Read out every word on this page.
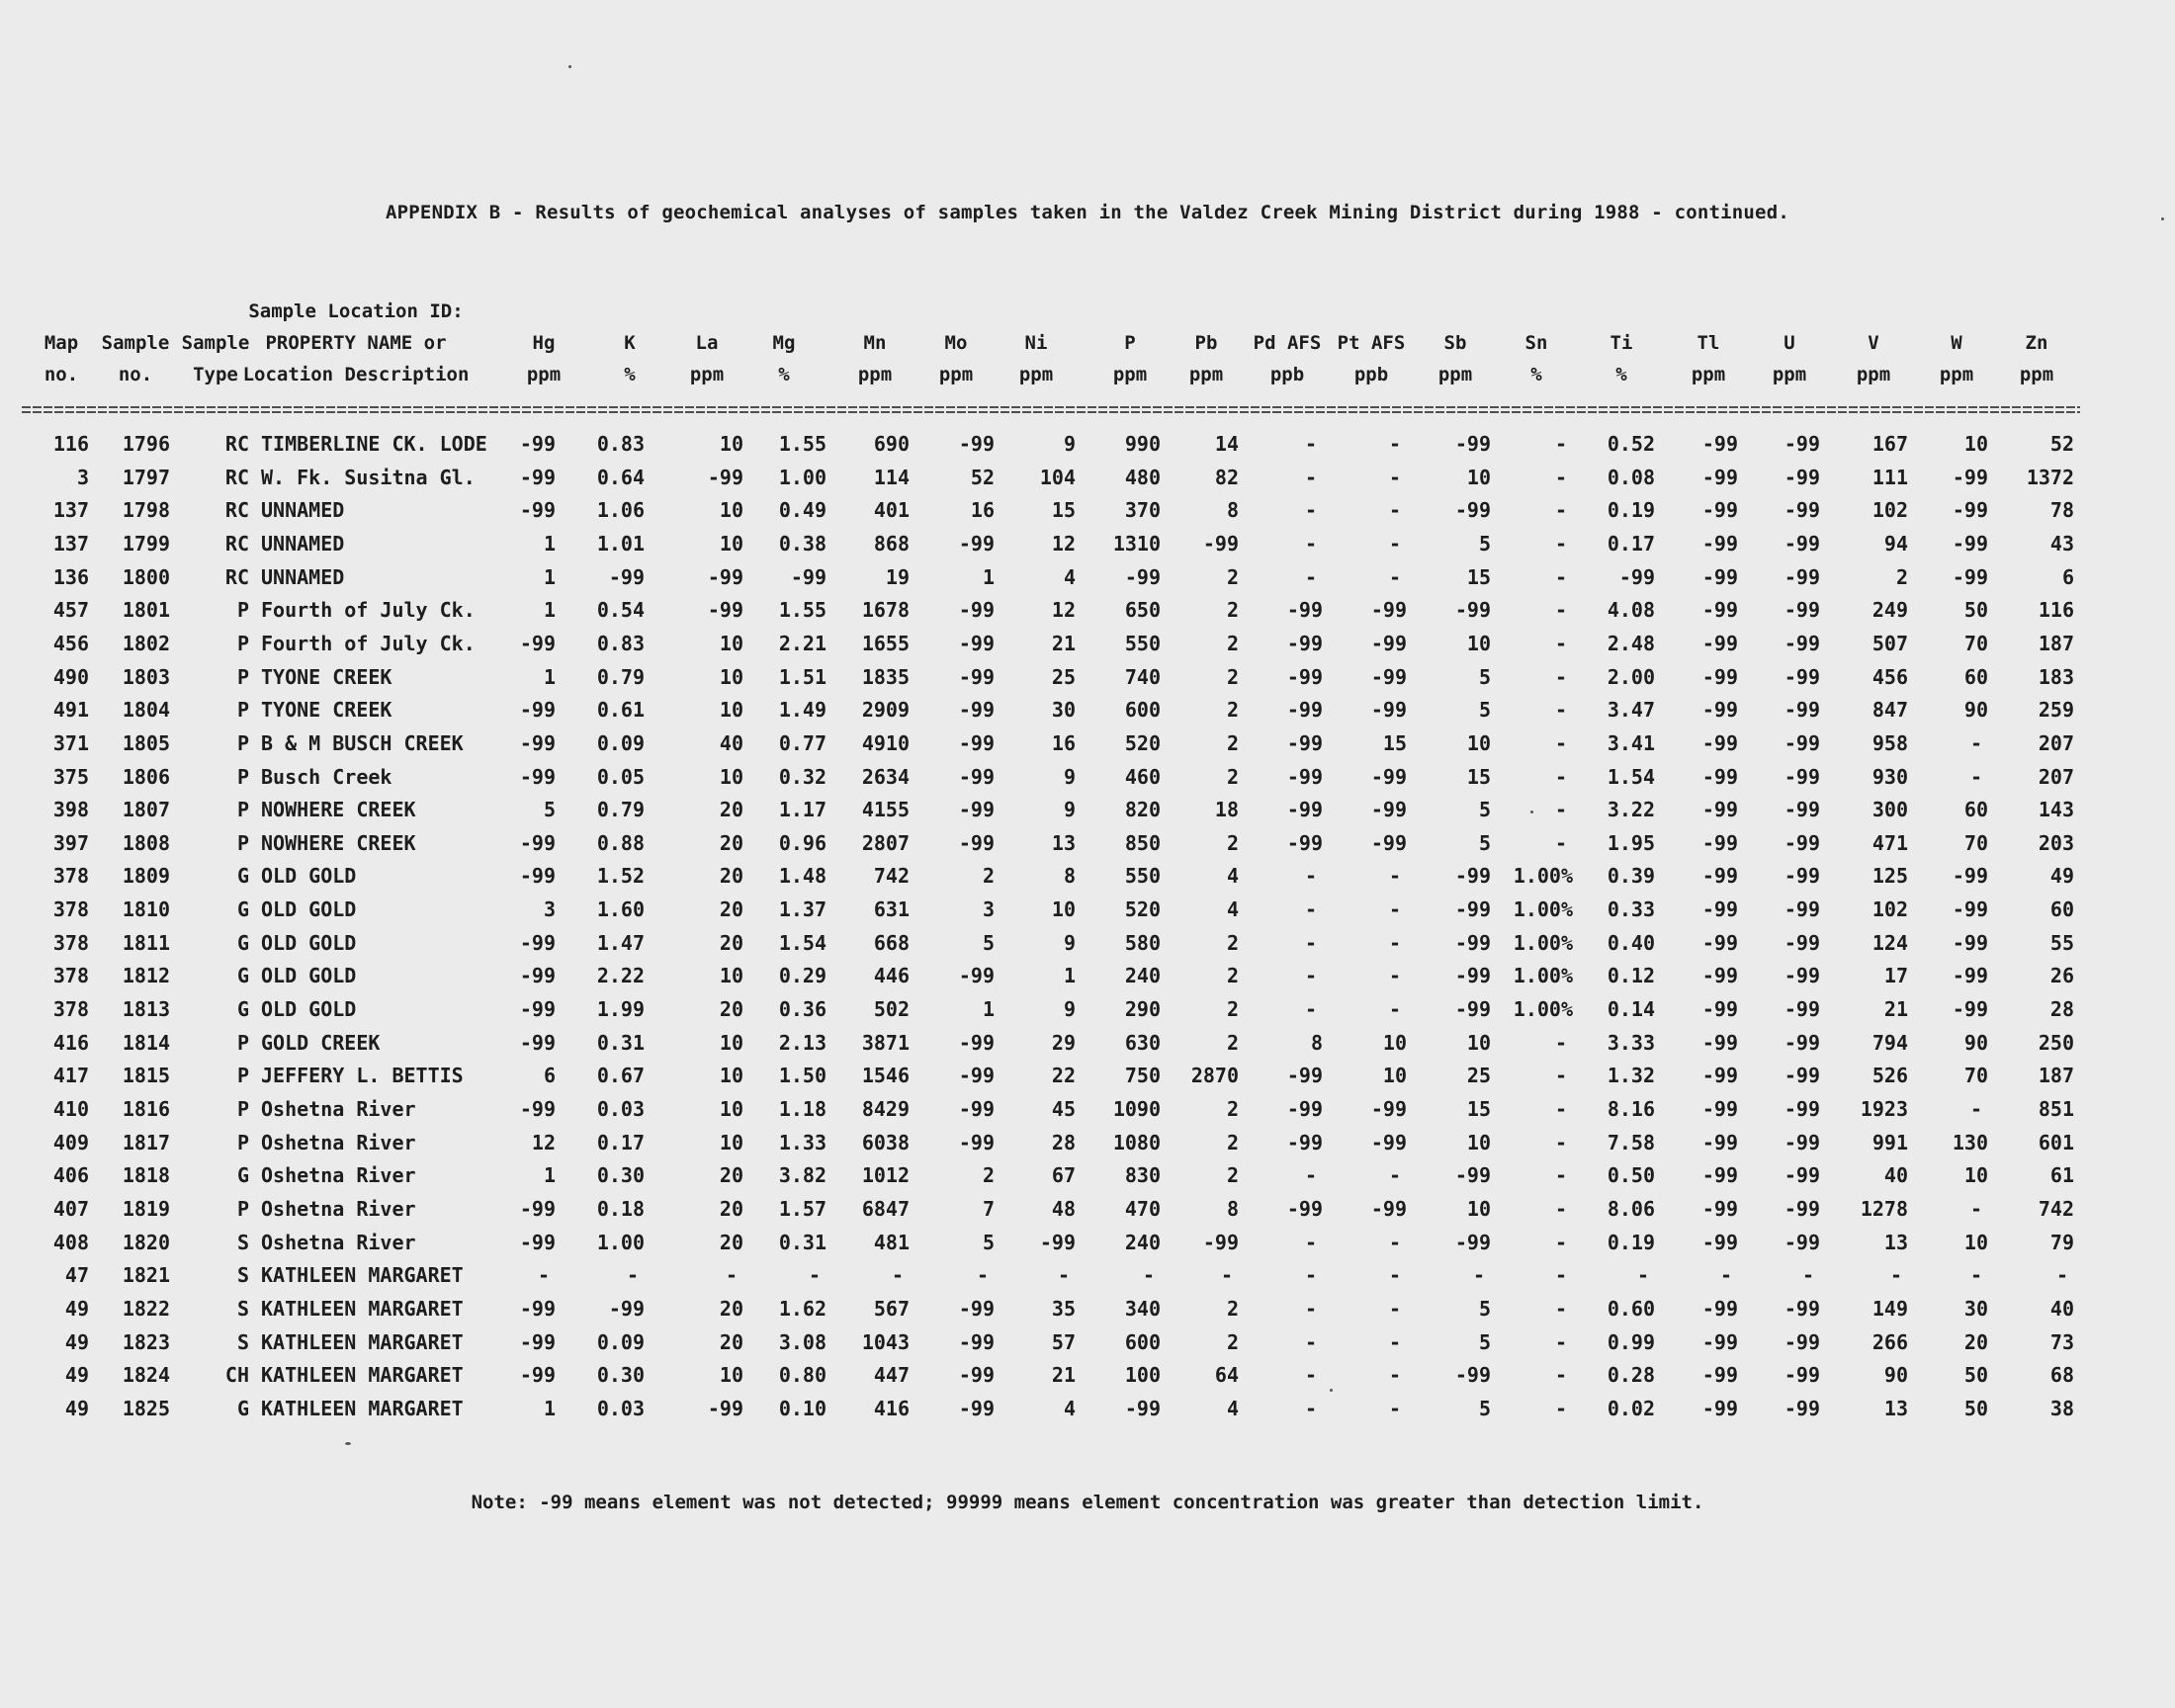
APPENDIX B - Results of geochemical analyses of samples taken in the Valdez Creek Mining District during 1988 - continued.
Sample Location ID:
Map	Sample Sample PROPERTY NAME or	Hg	K	La	Mg	Mn	Mo	Ni	P	Pb	Pd AFS Pt AFS	Sb	Sn	Ti	Tl	U	V	W	Zn
no.	no.	Type Location Description	ppm	%	ppm	%	ppm	ppm	ppm	ppm	ppm	ppb	ppb	ppm	%	%	ppm	ppm	ppm	ppm	ppm
116 1796	RC TIMBERLINE CK. LODE -99 0.83	10 1.55 690 -99	9 990	14	-	-	-99	-	0.52 -99 -99	167	10	52
3 1797	RC W. Fk. Susitna Gl. -99 0.64	-99 1.00 114	52 104 480	82	-	-	10	-	0.08 -99 -99	111 -99 1372
137 1798	RC UNNAMED	-99 1.06	10 0.49 401	16	15 370	8	-	-	-99	-	0.19 -99 -99	102 -99	78
137 1799	RC UNNAMED	1 1.01	10 0.38 868 -99	12 1310 -99	-	-	5	-	0.17 -99 -99	94 -99	43
136 1800	RC UNNAMED	1	-99	-99 -99	19	1	4 -99	2	-	-	15	-	-99 -99 -99	2 -99	6
457 1801	P Fourth of July Ck.	1 0.54	-99 1.55 1678 -99	12 650	2 -99 -99 -99	-	4.08 -99 -99	249	50	116
456 1802	P Fourth of July Ck. -99 0.83	10 2.21 1655 -99	21 550	2 -99 -99	10	-	2.48 -99 -99	507	70	187
490 1803	P TYONE CREEK	1 0.79	10 1.51 1835 -99	25 740	2 -99 -99	5	-	2.00 -99 -99	456	60	183
491 1804	P TYONE CREEK	-99 0.61	10 1.49 2909 -99	30 600	2 -99 -99	5	-	3.47 -99 -99	847	90	259
371 1805	P B & M BUSCH CREEK	-99 0.09	40 0.77 4910 -99	16 520	2 -99	15	10	-	3.41 -99 -99	958	-	207
375 1806	P Busch Creek	-99 0.05	10 0.32 2634 -99	9 460	2 -99 -99	15	-	1.54 -99 -99	930	-	207
398 1807	P NOWHERE CREEK	5 0.79	20 1.17 4155 -99	9 820	18 -99 -99	5	-	3.22 -99 -99	300	60	143
397 1808	P NOWHERE CREEK	-99 0.88	20 0.96 2807 -99	13 850	2 -99 -99	5	-	1.95 -99 -99	471	70	203
378 1809	G OLD GOLD	-99 1.52	20 1.48 742	2	8 550	4	-	-	-99 1.00% 0.39 -99 -99	125 -99	49
378 1810	G OLD GOLD	3 1.60	20 1.37 631	3	10 520	4	-	-	-99 1.00% 0.33 -99 -99	102 -99	60
378 1811	G OLD GOLD	-99 1.47	20 1.54 668	5	9 580	2	-	-	-99 1.00% 0.40 -99 -99	124 -99	55
378 1812	G OLD GOLD	-99 2.22	10 0.29 446 -99	1 240	2	-	-	-99 1.00% 0.12 -99 -99	17 -99	26
378 1813	G OLD GOLD	-99 1.99	20 0.36 502	1	9 290	2	-	-	-99 1.00% 0.14 -99 -99	21 -99	28
416 1814	P GOLD CREEK	-99 0.31	10 2.13 3871 -99	29 630	2	8	10	10	-	3.33 -99 -99	794	90	250
417 1815	P JEFFERY L. BETTIS	6 0.67	10 1.50 1546 -99	22 750 2870 -99	10	25	-	1.32 -99 -99	526	70	187
410 1816	P Oshetna River	-99 0.03	10 1.18 8429 -99	45 1090	2 -99 -99	15	-	8.16 -99 -99 1923	-	851
409 1817	P Oshetna River	12 0.17	10 1.33 6038 -99	28 1080	2 -99 -99	10	-	7.58 -99 -99	991 130	601
406 1818	G Oshetna River	1 0.30	20 3.82 1012	2	67 830	2	-	-	-99	-	0.50 -99 -99	40	10	61
407 1819	P Oshetna River	-99 0.18	20 1.57 6847	7	48 470	8 -99 -99	10	-	8.06 -99 -99 1278	-	742
408 1820	S Oshetna River	-99 1.00	20 0.31 481	5 -99 240 -99	-	-	-99	-	0.19 -99 -99	13	10	79
47 1821	S KATHLEEN MARGARET	-	-	-	-	-	-	-	-	-	-	-	-	-	-	-	-	-	-	-
49 1822	S KATHLEEN MARGARET	-99	-99	20 1.62 567 -99	35 340	2	-	-	5	-	0.60 -99 -99	149	30	40
49 1823	S KATHLEEN MARGARET	-99 0.09	20 3.08 1043 -99	57 600	2	-	-	5	-	0.99 -99 -99	266	20	73
49 1824	CH KATHLEEN MARGARET	-99 0.30	10 0.80 447 -99	21 100	64	-	-	-99	-	0.28 -99 -99	90	50	68
49 1825	G KATHLEEN MARGARET	1 0.03	-99 0.10 416 -99	4 -99	4	-	-	5	-	0.02 -99 -99	13	50	38
Note: -99 means element was not detected; 99999 means element concentration was greater than detection limit.
